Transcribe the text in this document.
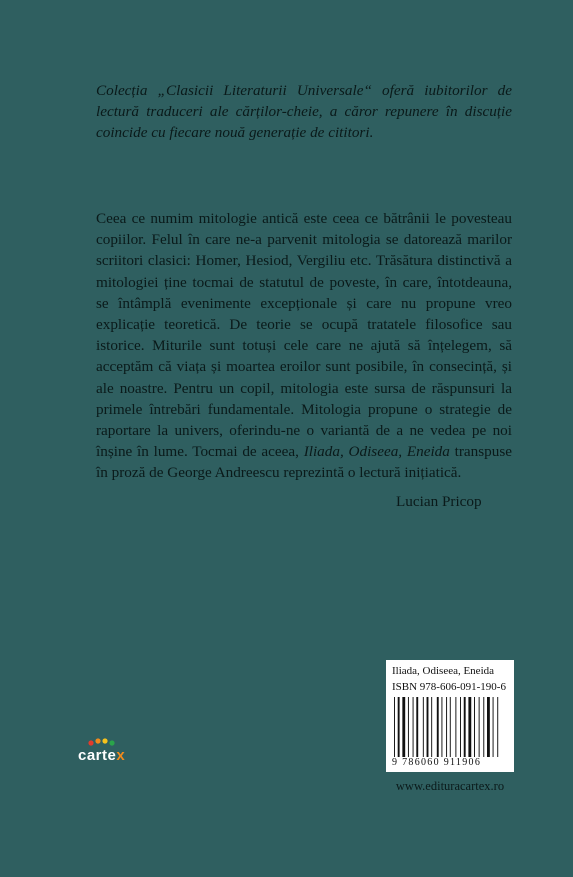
Colecția „Clasicii Literaturii Universale“ oferă iubitorilor de lectură traduceri ale cărților-cheie, a căror repunere în discuție coincide cu fiecare nouă generație de cititori.

Ceea ce numim mitologie antică este ceea ce bătrânii le povesteau copiilor. Felul în care ne-a parvenit mitologia se datorează marilor scriitori clasici: Homer, Hesiod, Vergiliu etc. Trăsătura distinctivă a mitologiei ține tocmai de statutul de poveste, în care, întotdeauna, se întâmplă evenimente excepționale și care nu propune vreo explicație teoretică. De teorie se ocupă tratatele filosofice sau istorice. Miturile sunt totuși cele care ne ajută să înțelegem, să acceptăm că viața și moartea eroilor sunt posibile, în consecință, și ale noastre. Pentru un copil, mitologia este sursa de răspunsuri la primele întrebări fundamentale. Mitologia propune o strategie de raportare la univers, oferindu-ne o variantă de a ne vedea pe noi înșine în lume. Tocmai de aceea, Iliada, Odiseea, Eneida transpuse în proză de George Andreescu reprezintă o lectură inițiatică.

Lucian Pricop
cartex
Iliada, Odiseea, Eneida
ISBN 978-606-091-190-6
9 786060 911906
www.edituracartex.ro
